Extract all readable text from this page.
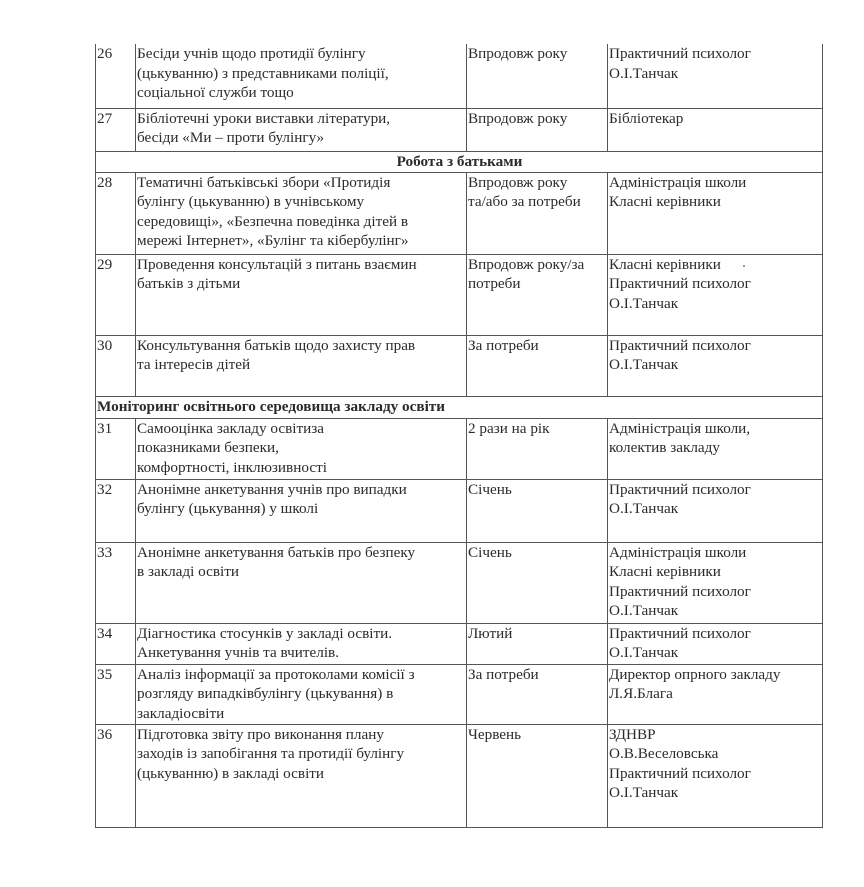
26	Бесіди учнів щодо протидії булінгу
(цькуванню) з представниками поліції,
соціальної служби тощо	Впродовж року	Практичний психолог
О.І.Танчак

27	Бібліотечні уроки виставки літератури,
бесіди «Ми – проти булінгу»	Впродовж року	Бібліотекар

Робота з батьками			
28	Тематичні батьківські збори «Протидія
булінгу (цькуванню) в учнівському
середовищі», «Безпечна поведінка дітей в
мережі Інтернет», «Булінг та кібербулінг»	Впродовж року
та/або за потреби	Адміністрація школи
Класні керівники

29	Проведення консультацій з питань взаємин
батьків з дітьми	Впродовж року/за
потреби	Класні керівники
Практичний психолог
О.І.Танчак

30	Консультування батьків щодо захисту прав
та інтересів дітей	За потреби	Практичний психолог
О.І.Танчак

Моніторинг освітнього середовища закладу освіти			
31	Самооцінка закладу освітиза
показниками безпеки,
комфортності, інклюзивності	2 рази на рік	Адміністрація школи,
колектив закладу

32	Анонімне анкетування учнів про випадки
булінгу (цькування) у школі	Січень	Практичний психолог
О.І.Танчак

33	Анонімне анкетування батьків про безпеку
в закладі освіти	Січень	Адміністрація школи
Класні керівники
Практичний психолог
О.І.Танчак

34	Діагностика стосунків у закладі освіти.
Анкетування учнів та вчителів.	Лютий	Практичний психолог
О.І.Танчак

35	Аналіз інформації за протоколами комісії з
розгляду випадківбулінгу (цькування) в
закладіосвіти	За потреби	Директор опрного закладу
Л.Я.Блага

36	Підготовка звіту про виконання плану
заходів із запобігання та протидії булінгу
(цькуванню) в закладі освіти	Червень	ЗДНВР
О.В.Веселовська
Практичний психолог
О.І.Танчак
